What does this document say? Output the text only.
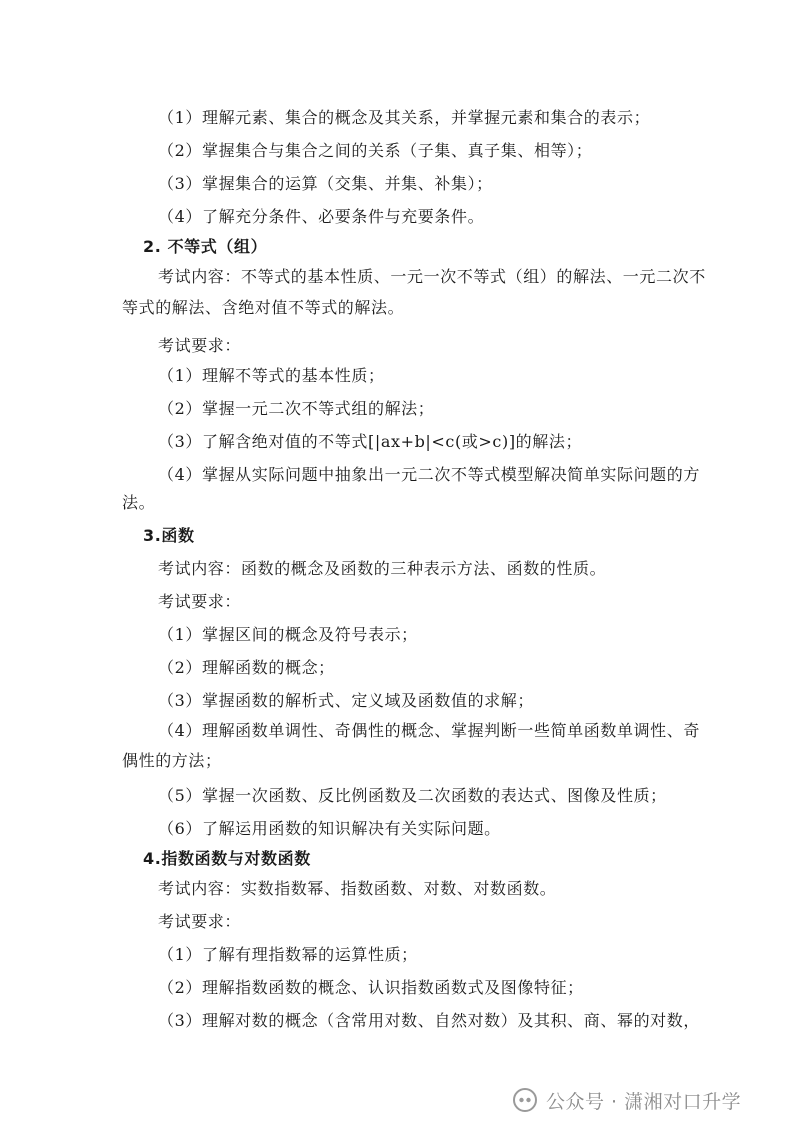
（1）理解元素、集合的概念及其关系，并掌握元素和集合的表示；
（2）掌握集合与集合之间的关系（子集、真子集、相等）；
（3）掌握集合的运算（交集、并集、补集）；
（4）了解充分条件、必要条件与充要条件。
2. 不等式（组）
考试内容：不等式的基本性质、一元一次不等式（组）的解法、一元二次不
等式的解法、含绝对值不等式的解法。
考试要求：
（1）理解不等式的基本性质；
（2）掌握一元二次不等式组的解法；
（3）了解含绝对值的不等式[|ax+b|<c(或>c)]的解法；
（4）掌握从实际问题中抽象出一元二次不等式模型解决简单实际问题的方
法。
3.函数
考试内容：函数的概念及函数的三种表示方法、函数的性质。
考试要求：
（1）掌握区间的概念及符号表示；
（2）理解函数的概念；
（3）掌握函数的解析式、定义域及函数值的求解；
（4）理解函数单调性、奇偶性的概念、掌握判断一些简单函数单调性、奇
偶性的方法；
（5）掌握一次函数、反比例函数及二次函数的表达式、图像及性质；
（6）了解运用函数的知识解决有关实际问题。
4.指数函数与对数函数
考试内容：实数指数幂、指数函数、对数、对数函数。
考试要求：
（1）了解有理指数幂的运算性质；
（2）理解指数函数的概念、认识指数函数式及图像特征；
（3）理解对数的概念（含常用对数、自然对数）及其积、商、幂的对数，
公众号 · 潇湘对口升学
